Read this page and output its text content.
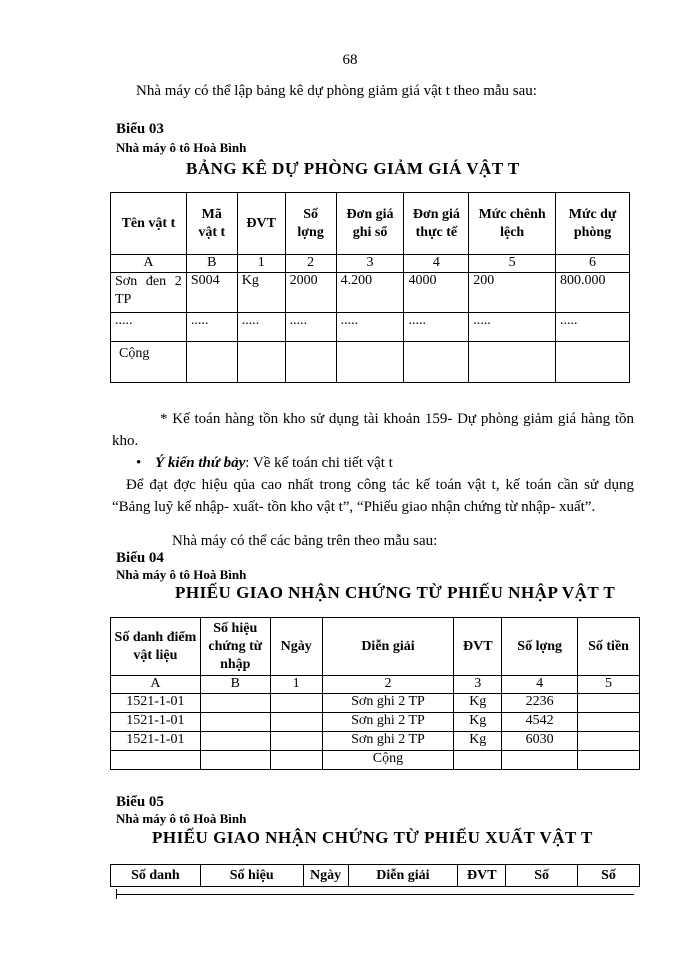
68
Nhà máy có thể lập bảng kê dự phòng giảm giá vật t theo mẫu sau:
Biểu 03
Nhà máy ô tô Hoà Bình
BẢNG KÊ DỰ PHÒNG GIẢM GIÁ VẬT T
Tên vật t	Mã vật t	ĐVT	Số lợng	Đơn giá ghi sổ	Đơn giá thực tế	Mức chênh lệch	Mức dự phòng
A	B	1	2	3	4	5	6
Sơn đen 2 TP	S004	Kg	2000	4.200	4000	200	800.000
.....	.....	.....	.....	.....	.....	.....	.....
Cộng							
* Kế toán hàng tồn kho sử dụng tài khoản 159- Dự phòng giảm giá hàng tồn kho.
• Ý kiến thứ bảy: Về kế toán chi tiết vật t
Để đạt đợc hiệu qủa cao nhất trong công tác kế toán vật t, kế toán cần sử dụng “Bảng luỹ kế nhập- xuất- tồn kho vật t”, “Phiếu giao nhận chứng từ nhập- xuất”.
Nhà máy có thể các bảng trên theo mẫu sau:
Biểu 04
Nhà máy ô tô Hoà Bình
PHIẾU GIAO NHẬN CHỨNG TỪ PHIẾU NHẬP VẬT T
Số danh điểm vật liệu	Số hiệu chứng từ nhập	Ngày	Diễn giải	ĐVT	Số lợng	Số tiền
A	B	1	2	3	4	5
1521-1-01			Sơn ghi 2 TP	Kg	2236	
1521-1-01			Sơn ghi 2 TP	Kg	4542	
1521-1-01			Sơn ghi 2 TP	Kg	6030	
			Cộng			
Biểu 05
Nhà máy ô tô Hoà Bình
PHIẾU GIAO NHẬN CHỨNG TỪ PHIẾU XUẤT VẬT T
Số danh	Số hiệu	Ngày	Diễn giải	ĐVT	Số	Số
